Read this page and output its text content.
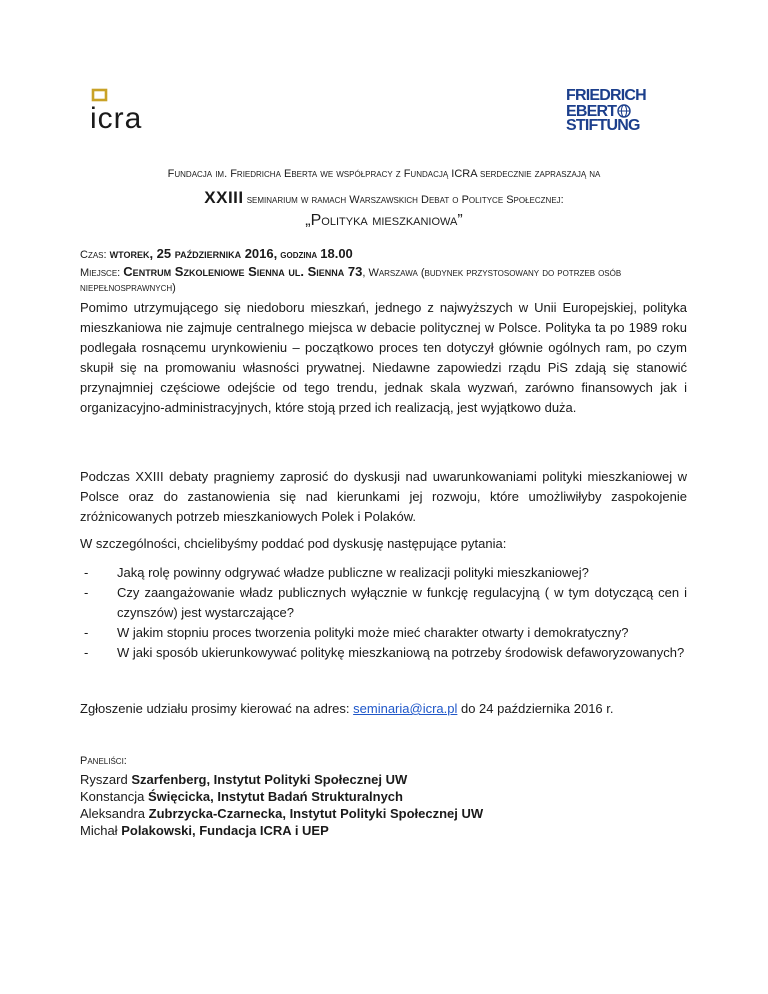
icra
FRIEDRICH
EBERT
STIFTUNG
Fundacja im. Friedricha Eberta we współpracy z Fundacją ICRA serdecznie zapraszają na
XXIII seminarium w ramach Warszawskich Debat o Polityce Społecznej:
„Polityka mieszkaniowa”
Czas: wtorek, 25 października 2016, godzina 18.00
Miejsce: Centrum Szkoleniowe Sienna ul. Sienna 73, Warszawa (budynek przystosowany do potrzeb osób niepełnosprawnych)

Pomimo utrzymującego się niedoboru mieszkań, jednego z najwyższych w Unii Europejskiej, polityka mieszkaniowa nie zajmuje centralnego miejsca w debacie politycznej w Polsce. Polityka ta po 1989 roku podlegała rosnącemu urynkowieniu – początkowo proces ten dotyczył głównie ogólnych ram, po czym skupił się na promowaniu własności prywatnej. Niedawne zapowiedzi rządu PiS zdają się stanowić przynajmniej częściowe odejście od tego trendu, jednak skala wyzwań, zarówno finansowych jak i organizacyjno-administracyjnych, które stoją przed ich realizacją, jest wyjątkowo duża.

Podczas XXIII debaty pragniemy zaprosić do dyskusji nad uwarunkowaniami polityki mieszkaniowej w Polsce oraz do zastanowienia się nad kierunkami jej rozwoju, które umożliwiłyby zaspokojenie zróżnicowanych potrzeb mieszkaniowych Polek i Polaków.

W szczególności, chcielibyśmy poddać pod dyskusję następujące pytania:

- Jaką rolę powinny odgrywać władze publiczne w realizacji polityki mieszkaniowej?
- Czy zaangażowanie władz publicznych wyłącznie w funkcję regulacyjną ( w tym dotyczącą cen i czynszów) jest wystarczające?
- W jakim stopniu proces tworzenia polityki może mieć charakter otwarty i demokratyczny?
- W jaki sposób ukierunkowywać politykę mieszkaniową na potrzeby środowisk defaworyzowanych?
Zgłoszenie udziału prosimy kierować na adres: seminaria@icra.pl do 24 października 2016 r.
Paneliści:
Ryszard Szarfenberg, Instytut Polityki Społecznej UW
Konstancja Święcicka, Instytut Badań Strukturalnych
Aleksandra Zubrzycka-Czarnecka, Instytut Polityki Społecznej UW
Michał Polakowski, Fundacja ICRA i UEP
